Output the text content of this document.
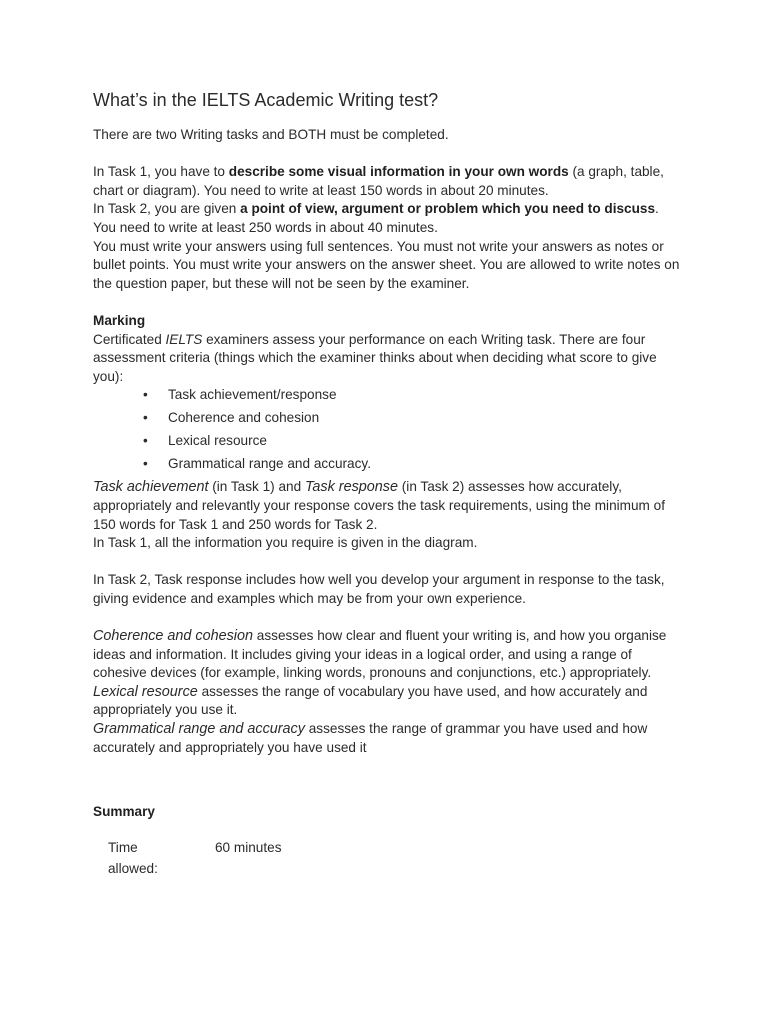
What’s in the IELTS Academic Writing test?

There are two Writing tasks and BOTH must be completed.

In Task 1, you have to describe some visual information in your own words (a graph, table, chart or diagram). You need to write at least 150 words in about 20 minutes.

In Task 2, you are given a point of view, argument or problem which you need to discuss. You need to write at least 250 words in about 40 minutes.

You must write your answers using full sentences. You must not write your answers as notes or bullet points. You must write your answers on the answer sheet. You are allowed to write notes on the question paper, but these will not be seen by the examiner.

Marking

Certificated IELTS examiners assess your performance on each Writing task. There are four assessment criteria (things which the examiner thinks about when deciding what score to give you):

• Task achievement/response
• Coherence and cohesion
• Lexical resource
• Grammatical range and accuracy.

Task achievement (in Task 1) and Task response (in Task 2) assesses how accurately, appropriately and relevantly your response covers the task requirements, using the minimum of 150 words for Task 1 and 250 words for Task 2.

In Task 1, all the information you require is given in the diagram.

In Task 2, Task response includes how well you develop your argument in response to the task, giving evidence and examples which may be from your own experience.

Coherence and cohesion assesses how clear and fluent your writing is, and how you organise ideas and information. It includes giving your ideas in a logical order, and using a range of cohesive devices (for example, linking words, pronouns and conjunctions, etc.) appropriately.

Lexical resource assesses the range of vocabulary you have used, and how accurately and appropriately you use it.

Grammatical range and accuracy assesses the range of grammar you have used and how accurately and appropriately you have used it

Summary
Time allowed:
60 minutes
